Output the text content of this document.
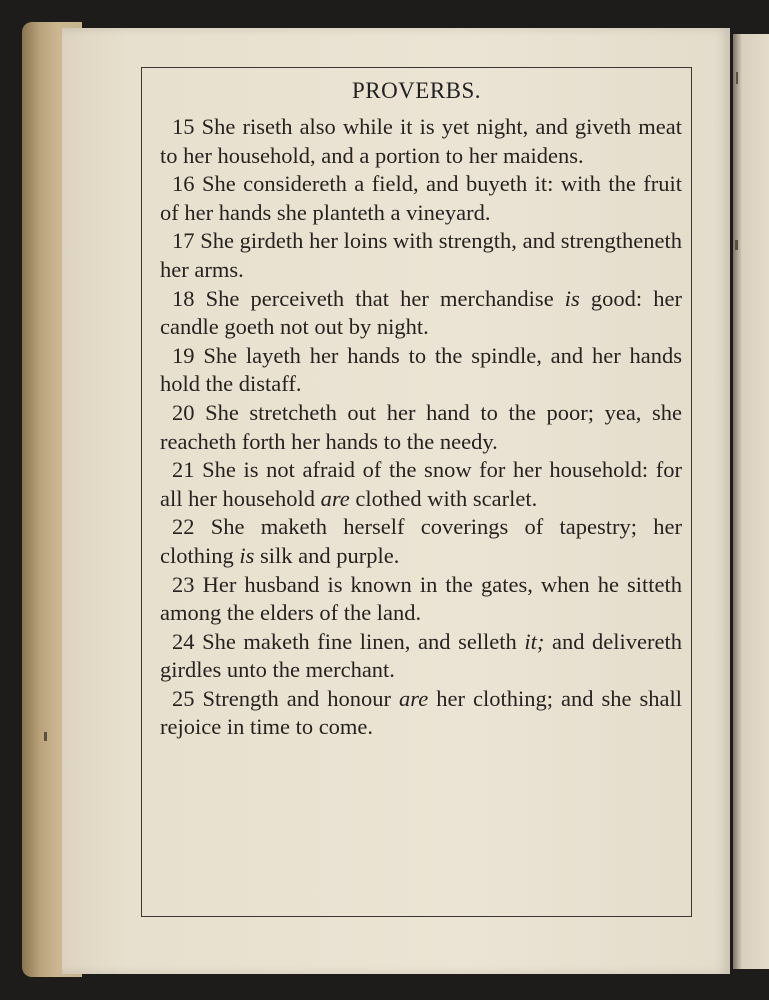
PROVERBS.

15 She riseth also while it is yet night, and giveth meat to her household, and a portion to her maidens.

16 She considereth a field, and buyeth it: with the fruit of her hands she planteth a vineyard.

17 She girdeth her loins with strength, and strengtheneth her arms.

18 She perceiveth that her merchandise is good: her candle goeth not out by night.

19 She layeth her hands to the spindle, and her hands hold the distaff.

20 She stretcheth out her hand to the poor; yea, she reacheth forth her hands to the needy.

21 She is not afraid of the snow for her household: for all her household are clothed with scarlet.

22 She maketh herself coverings of tapestry; her clothing is silk and purple.

23 Her husband is known in the gates, when he sitteth among the elders of the land.

24 She maketh fine linen, and selleth it; and delivereth girdles unto the merchant.

25 Strength and honour are her clothing; and she shall rejoice in time to come.
